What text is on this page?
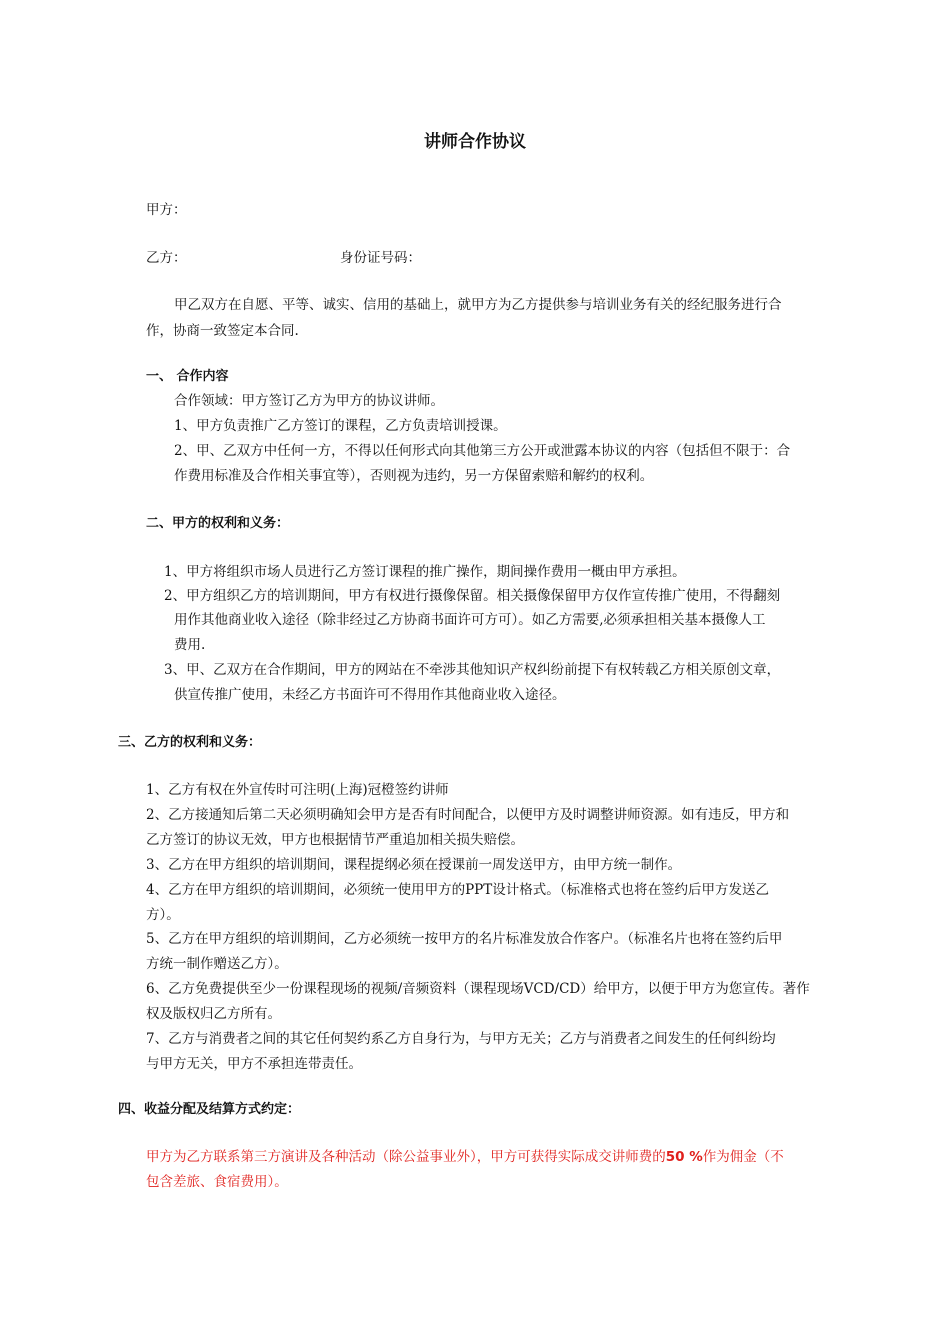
讲师合作协议
甲方：
乙方：	身份证号码：
甲乙双方在自愿、平等、诚实、信用的基础上，就甲方为乙方提供参与培训业务有关的经纪服务进行合
作，协商一致签定本合同.
一、 合作内容
合作领域：甲方签订乙方为甲方的协议讲师。
1、甲方负责推广乙方签订的课程，乙方负责培训授课。
2、甲、乙双方中任何一方，不得以任何形式向其他第三方公开或泄露本协议的内容（包括但不限于：合
作费用标准及合作相关事宜等），否则视为违约，另一方保留索赔和解约的权利。
二、甲方的权利和义务：
1、甲方将组织市场人员进行乙方签订课程的推广操作，期间操作费用一概由甲方承担。
2、甲方组织乙方的培训期间，甲方有权进行摄像保留。相关摄像保留甲方仅作宣传推广使用，不得翻刻
用作其他商业收入途径（除非经过乙方协商书面许可方可）。如乙方需要,必须承担相关基本摄像人工
费用.
3、甲、乙双方在合作期间，甲方的网站在不牵涉其他知识产权纠纷前提下有权转载乙方相关原创文章，
供宣传推广使用，未经乙方书面许可不得用作其他商业收入途径。
三、乙方的权利和义务：
1、乙方有权在外宣传时可注明(上海)冠橙签约讲师
2、乙方接通知后第二天必须明确知会甲方是否有时间配合，以便甲方及时调整讲师资源。如有违反，甲方和
乙方签订的协议无效，甲方也根据情节严重追加相关损失赔偿。
3、乙方在甲方组织的培训期间，课程提纲必须在授课前一周发送甲方，由甲方统一制作。
4、乙方在甲方组织的培训期间，必须统一使用甲方的PPT设计格式。（标准格式也将在签约后甲方发送乙
方）。
5、乙方在甲方组织的培训期间，乙方必须统一按甲方的名片标准发放合作客户。（标准名片也将在签约后甲
方统一制作赠送乙方）。
6、乙方免费提供至少一份课程现场的视频/音频资料（课程现场VCD/CD）给甲方，以便于甲方为您宣传。著作
权及版权归乙方所有。
7、乙方与消费者之间的其它任何契约系乙方自身行为，与甲方无关；乙方与消费者之间发生的任何纠纷均
与甲方无关，甲方不承担连带责任。
四、收益分配及结算方式约定：
甲方为乙方联系第三方演讲及各种活动（除公益事业外），甲方可获得实际成交讲师费的50 %作为佣金（不
包含差旅、食宿费用）。
